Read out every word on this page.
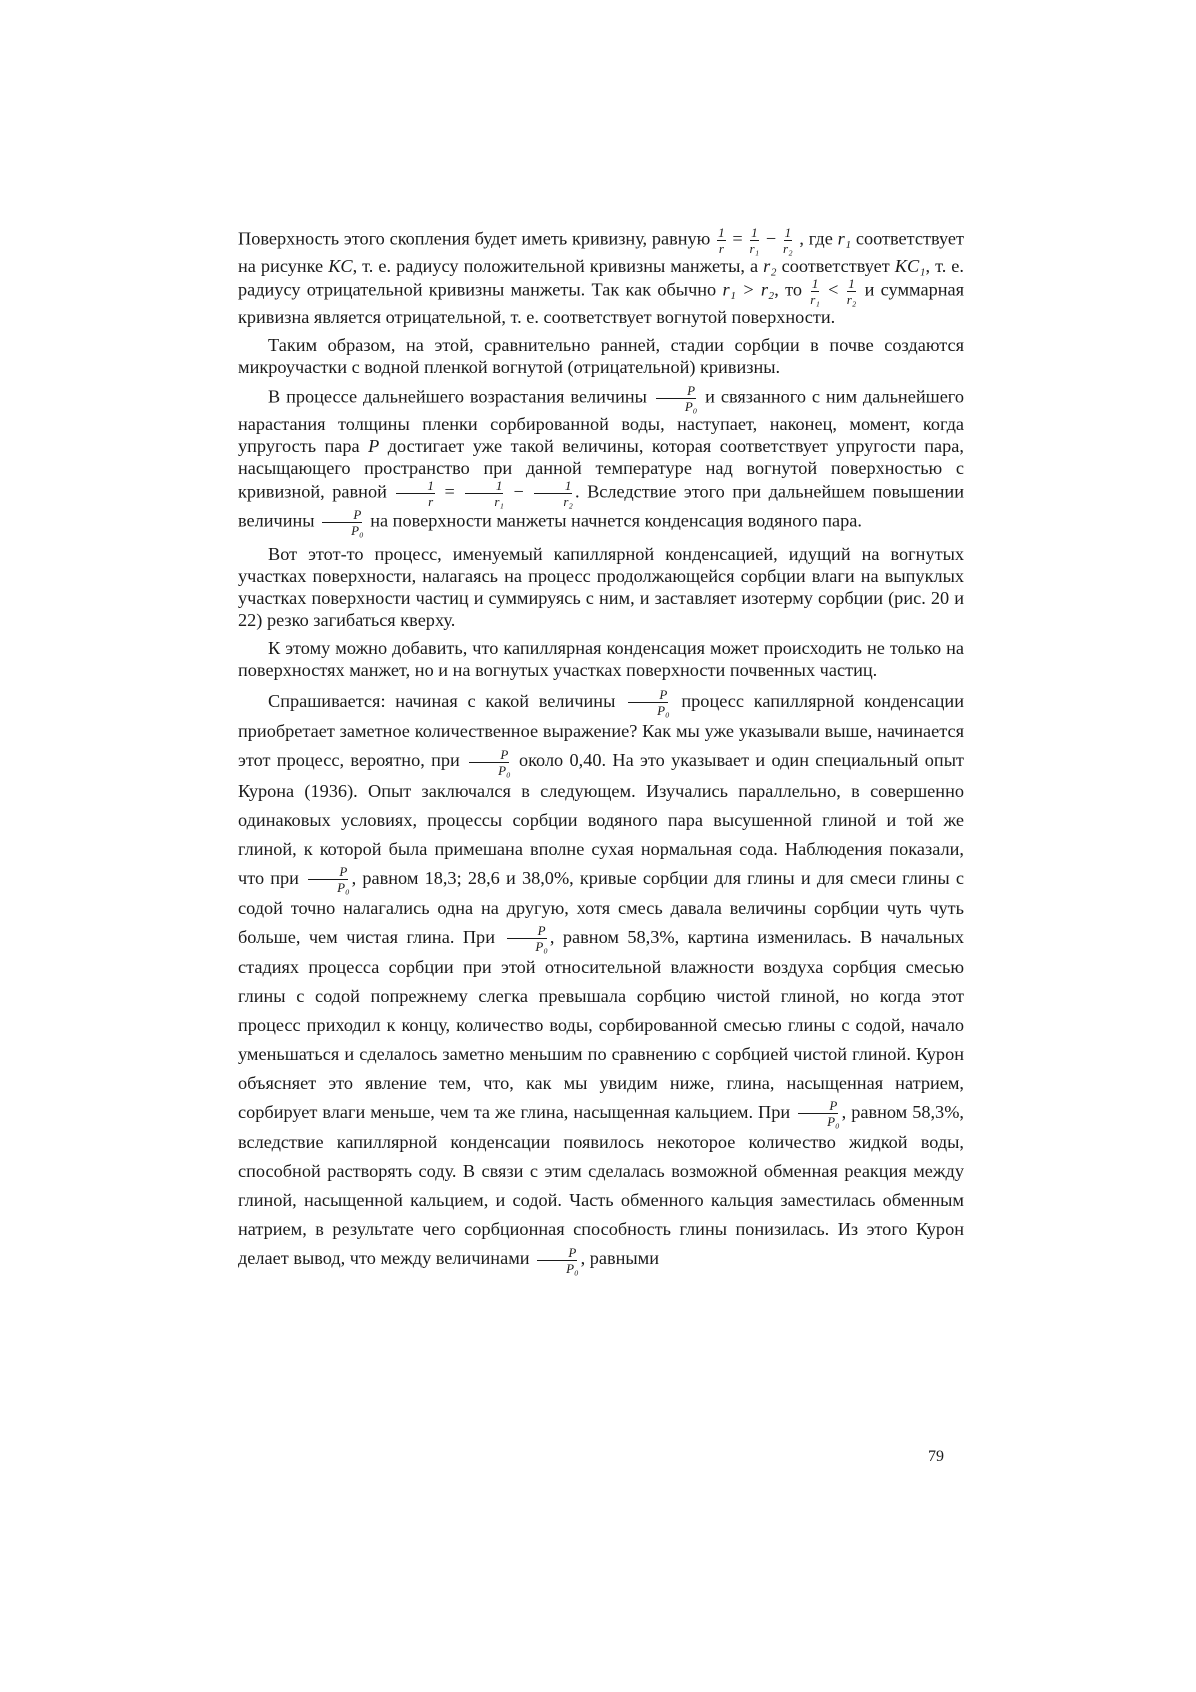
Поверхность этого скопления будет иметь кривизну, равную $\frac{1}{r} = \frac{1}{\text{r₁}} - \frac{1}{\text{r₂}}$ , где r₁ соответствует на рисунке KC, т. е. радиусу положительной кривизны манжеты, а r₂ соответствует KC₁, т. е. радиусу отрицательной кривизны манжеты. Так как обычно r₁ > r₂, то $\frac{1}{\text{r₁}} < \frac{1}{\text{r₂}}$ и суммарная кривизна является отрицательной, т. е. соответствует вогнутой поверхности.

Таким образом, на этой, сравнительно ранней, стадии сорбции в почве создаются микроучастки с водной пленкой вогнутой (отрицательной) кривизны.

В процессе дальнейшего возрастания величины $\frac{P}{\text{P₀}}$ и связанного с ним дальнейшего нарастания толщины пленки сорбированной воды, наступает, наконец, момент, когда упругость пара P достигает уже такой величины, которая соответствует упругости пара, насыщающего пространство при данной температуре над вогнутой поверхностью с кривизной, равной $\frac{1}{r} = \frac{1}{\text{r₁}} - \frac{1}{\text{r₂}}$ . Вследствие этого при дальнейшем повышении величины $\frac{P}{\text{P₀}}$ на поверхности манжеты начнется конденсация водяного пара.

Вот этот-то процесс, именуемый капиллярной конденсацией, идущий на вогнутых участках поверхности, налагаясь на процесс продолжающейся сорбции влаги на выпуклых участках поверхности частиц и суммируясь с ним, и заставляет изотерму сорбции (рис. 20 и 22) резко загибаться кверху.

К этому можно добавить, что капиллярная конденсация может происходить не только на поверхностях манжет, но и на вогнутых участках поверхности почвенных частиц.

Спрашивается: начиная с какой величины $\frac{P}{\text{P₀}}$ процесс капиллярной конденсации приобретает заметное количественное выражение? Как мы уже указывали выше, начинается этот процесс, вероятно, при $\frac{P}{\text{P₀}}$ около 0,40. На это указывает и один специальный опыт Курона (1936). Опыт заключался в следующем. Изучались параллельно, в совершенно одинаковых условиях, процессы сорбции водяного пара высушенной глиной и той же глиной, к которой была примешана вполне сухая нормальная сода. Наблюдения показали, что при $\frac{P}{\text{P₀}}$ , равном 18,3; 28,6 и 38,0%, кривые сорбции для глины и для смеси глины с содой точно налагались одна на другую, хотя смесь давала величины сорбции чуть чуть больше, чем чистая глина. При $\frac{P}{\text{P₀}}$ , равном 58,3%, картина изменилась. В начальных стадиях процесса сорбции при этой относительной влажности воздуха сорбция смесью глины с содой попрежнему слегка превышала сорбцию чистой глиной, но когда этот процесс приходил к концу, количество воды, сорбированной смесью глины с содой, начало уменьшаться и сделалось заметно меньшим по сравнению с сорбцией чистой глиной. Курон объясняет это явление тем, что, как мы увидим ниже, глина, насыщенная натрием, сорбирует влаги меньше, чем та же глина, насыщенная кальцием. При $\frac{P}{\text{P₀}}$ , равном 58,3%, вследствие капиллярной конденсации появилось некоторое количество жидкой воды, способной растворять соду. В связи с этим сделалась возможной обменная реакция между глиной, насыщенной кальцием, и содой. Часть обменного кальция заместилась обменным натрием, в результате чего сорбционная способность глины понизилась. Из этого Курон делает вывод, что между величинами $\frac{P}{\text{P₀}}$ , равными

79
